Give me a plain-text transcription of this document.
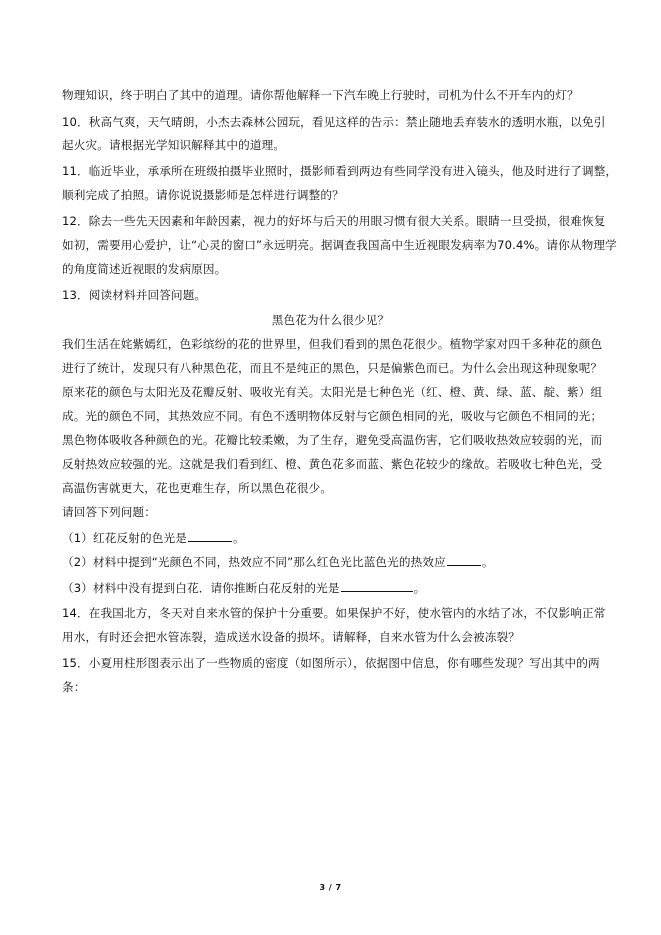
物理知识，终于明白了其中的道理。请你帮他解释一下汽车晚上行驶时，司机为什么不开车内的灯？
10．秋高气爽，天气晴朗，小杰去森林公园玩，看见这样的告示：禁止随地丢弃装水的透明水瓶，以免引
起火灾。请根据光学知识解释其中的道理。
11．临近毕业，承承所在班级拍摄毕业照时，摄影师看到两边有些同学没有进入镜头，他及时进行了调整，
顺利完成了拍照。请你说说摄影师是怎样进行调整的？
12．除去一些先天因素和年龄因素，视力的好坏与后天的用眼习惯有很大关系。眼睛一旦受损，很难恢复
如初，需要用心爱护，让“心灵的窗口”永远明亮。据调查我国高中生近视眼发病率为70.4%。请你从物理学
的角度简述近视眼的发病原因。
13．阅读材料并回答问题。
黑色花为什么很少见？
我们生活在姹紫嫣红，色彩缤纷的花的世界里，但我们看到的黑色花很少。植物学家对四千多种花的颜色
进行了统计，发现只有八种黑色花，而且不是纯正的黑色，只是偏紫色而已。为什么会出现这种现象呢？
原来花的颜色与太阳光及花瓣反射、吸收光有关。太阳光是七种色光（红、橙、黄、绿、蓝、靛、紫）组
成。光的颜色不同，其热效应不同。有色不透明物体反射与它颜色相同的光，吸收与它颜色不相同的光；
黑色物体吸收各种颜色的光。花瓣比较柔嫩，为了生存，避免受高温伤害，它们吸收热效应较弱的光，而
反射热效应较强的光。这就是我们看到红、橙、黄色花多而蓝、紫色花较少的缘故。若吸收七种色光，受
高温伤害就更大，花也更难生存，所以黑色花很少。
请回答下列问题：
（1）红花反射的色光是	。
（2）材料中提到“光颜色不同，热效应不同”那么红色光比蓝色光的热效应	。
（3）材料中没有提到白花．请你推断白花反射的光是	。
14．在我国北方，冬天对自来水管的保护十分重要。如果保护不好，使水管内的水结了冰，不仅影响正常
用水，有时还会把水管冻裂，造成送水设备的损坏。请解释，自来水管为什么会被冻裂？
15．小夏用柱形图表示出了一些物质的密度（如图所示），依据图中信息，你有哪些发现？写出其中的两
条：
3 / 7
